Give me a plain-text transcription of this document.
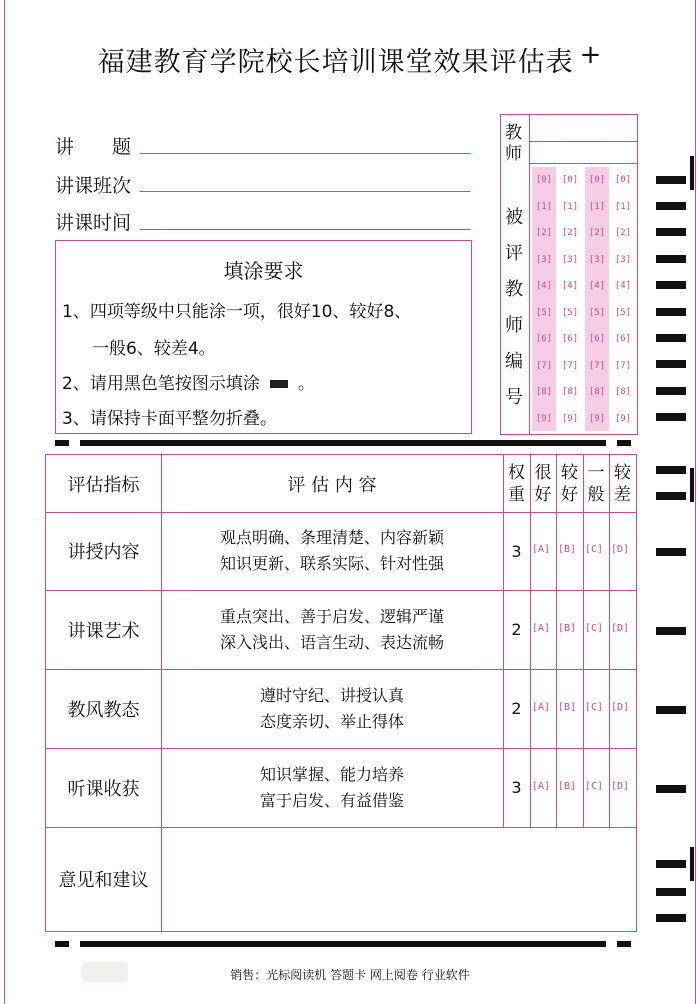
福建教育学院校长培训课堂效果评估表 +
讲　　题
讲课班次
讲课时间
填涂要求
1、四项等级中只能涂一项，很好10、较好8、
一般6、较差4。
2、请用黑色笔按图示填涂 。
3、请保持卡面平整勿折叠。
教
师
被
评
教
师
编
号
[0]
[1]
[2]
[3]
[4]
[5]
[6]
[7]
[8]
[9]
[0]
[1]
[2]
[3]
[4]
[5]
[6]
[7]
[8]
[9]
[0]
[1]
[2]
[3]
[4]
[5]
[6]
[7]
[8]
[9]
[0]
[1]
[2]
[3]
[4]
[5]
[6]
[7]
[8]
[9]
评估指标	评 估 内 容
权
重
很
好
较
好
一
般
较
差
讲授内容
观点明确、条理清楚、内容新颖
知识更新、联系实际、针对性强
3
讲课艺术
重点突出、善于启发、逻辑严谨
深入浅出、语言生动、表达流畅
2
教风教态
遵时守纪、讲授认真
态度亲切、举止得体
2
听课收获
知识掌握、能力培养
富于启发、有益借鉴
3
意见和建议
[A] [B] [C] [D]
[A] [B] [C] [D]
[A] [B] [C] [D]
[A] [B] [C] [D]
销售：光标阅读机 答题卡 网上阅卷 行业软件
